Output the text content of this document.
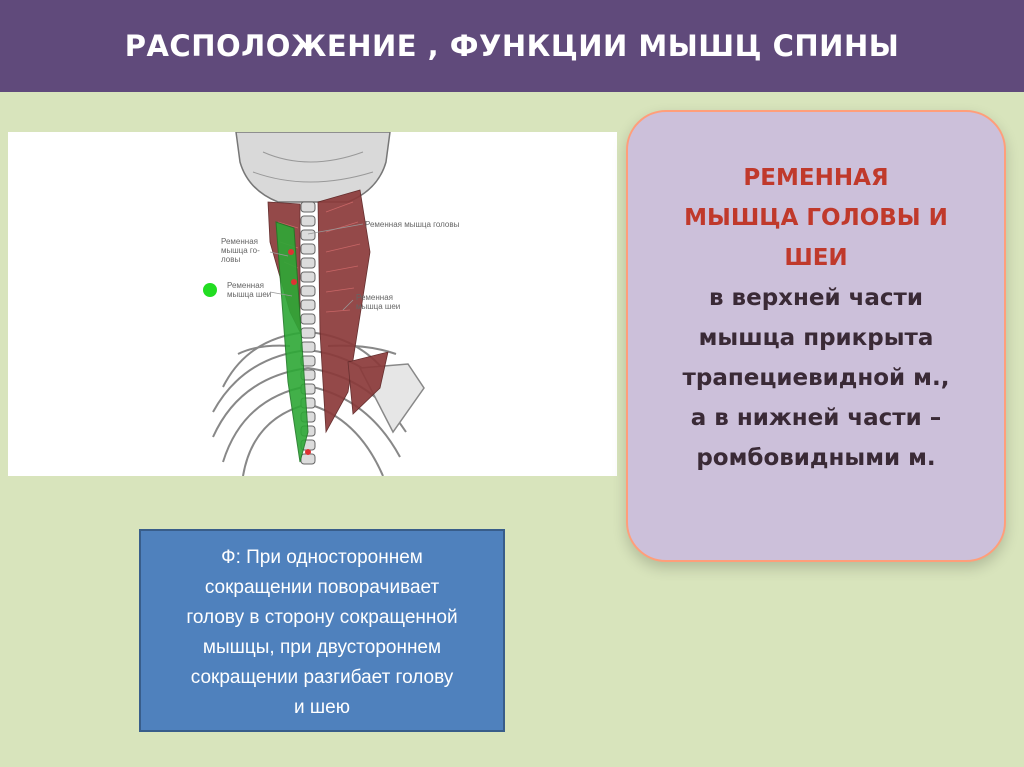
РАСПОЛОЖЕНИЕ , ФУНКЦИИ МЫШЦ СПИНЫ
Ременная мышца головы
Ременная
мышца го-
ловы
Ременная
мышца шеи	Ременная
мышца шеи
РЕМЕННАЯ
МЫШЦА ГОЛОВЫ И
ШЕИ
в верхней части
мышца прикрыта
трапециевидной м.,
а в нижней части –
ромбовидными м.
Ф: При одностороннем
сокращении поворачивает
голову в сторону сокращенной
мышцы, при двустороннем
сокращении разгибает голову
и шею
